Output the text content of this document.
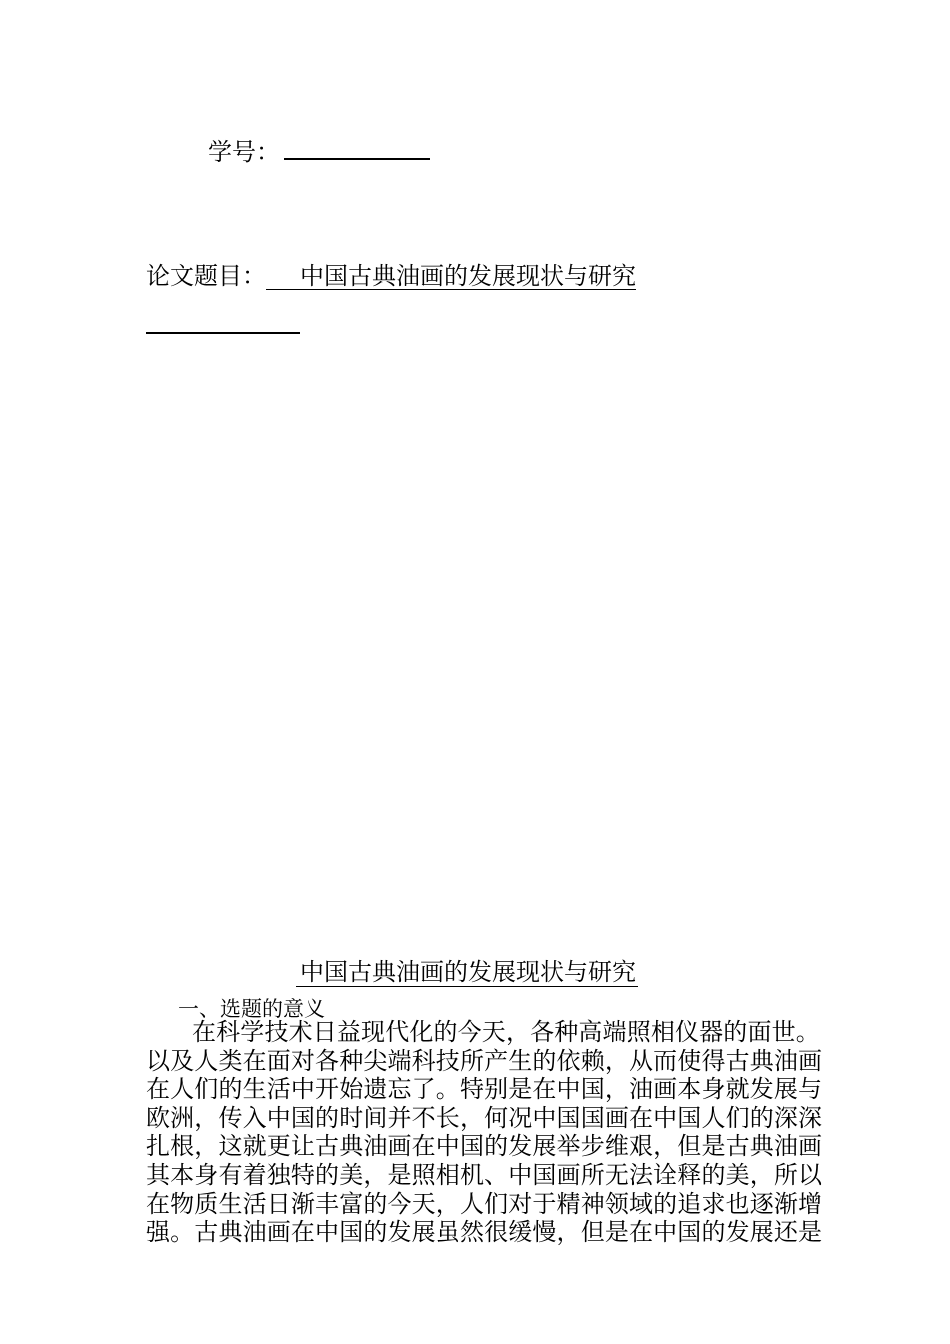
学号：
论文题目： 中国古典油画的发展现状与研究
中国古典油画的发展现状与研究
一、选题的意义
在科学技术日益现代化的今天，各种高端照相仪器的面世。
以及人类在面对各种尖端科技所产生的依赖，从而使得古典油画
在人们的生活中开始遗忘了。特别是在中国，油画本身就发展与
欧洲，传入中国的时间并不长，何况中国国画在中国人们的深深
扎根，这就更让古典油画在中国的发展举步维艰，但是古典油画
其本身有着独特的美，是照相机、中国画所无法诠释的美，所以
在物质生活日渐丰富的今天，人们对于精神领域的追求也逐渐增
强。古典油画在中国的发展虽然很缓慢，但是在中国的发展还是
